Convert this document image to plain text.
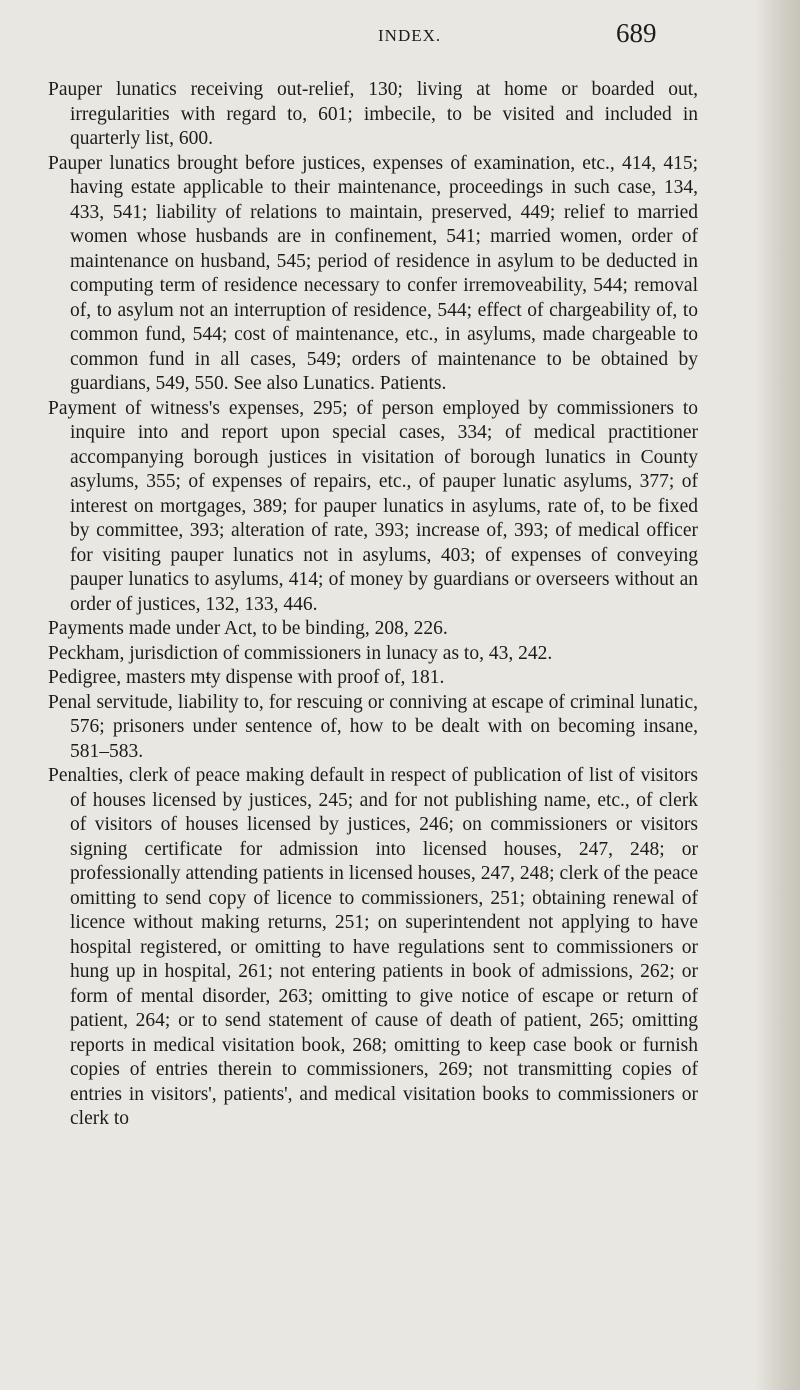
INDEX.	689

Pauper lunatics receiving out-relief, 130; living at home or boarded out, irregularities with regard to, 601; imbecile, to be visited and included in quarterly list, 600.

Pauper lunatics brought before justices, expenses of examination, etc., 414, 415; having estate applicable to their maintenance, proceedings in such case, 134, 433, 541; liability of relations to maintain, preserved, 449; relief to married women whose husbands are in confinement, 541; married women, order of maintenance on husband, 545; period of residence in asylum to be deducted in computing term of residence necessary to confer irremoveability, 544; removal of, to asylum not an interruption of residence, 544; effect of chargeability of, to common fund, 544; cost of maintenance, etc., in asylums, made chargeable to common fund in all cases, 549; orders of maintenance to be obtained by guardians, 549, 550. See also Lunatics. Patients.

Payment of witness's expenses, 295; of person employed by commissioners to inquire into and report upon special cases, 334; of medical practitioner accompanying borough justices in visitation of borough lunatics in County asylums, 355; of expenses of repairs, etc., of pauper lunatic asylums, 377; of interest on mortgages, 389; for pauper lunatics in asylums, rate of, to be fixed by committee, 393; alteration of rate, 393; increase of, 393; of medical officer for visiting pauper lunatics not in asylums, 403; of expenses of conveying pauper lunatics to asylums, 414; of money by guardians or overseers without an order of justices, 132, 133, 446.

Payments made under Act, to be binding, 208, 226.

Peckham, jurisdiction of commissioners in lunacy as to, 43, 242.

Pedigree, masters mŧy dispense with proof of, 181.

Penal servitude, liability to, for rescuing or conniving at escape of criminal lunatic, 576; prisoners under sentence of, how to be dealt with on becoming insane, 581–583.

Penalties, clerk of peace making default in respect of publication of list of visitors of houses licensed by justices, 245; and for not publishing name, etc., of clerk of visitors of houses licensed by justices, 246; on commissioners or visitors signing certificate for admission into licensed houses, 247, 248; or professionally attending patients in licensed houses, 247, 248; clerk of the peace omitting to send copy of licence to commissioners, 251; obtaining renewal of licence without making returns, 251; on superintendent not applying to have hospital registered, or omitting to have regulations sent to commissioners or hung up in hospital, 261; not entering patients in book of admissions, 262; or form of mental disorder, 263; omitting to give notice of escape or return of patient, 264; or to send statement of cause of death of patient, 265; omitting reports in medical visitation book, 268; omitting to keep case book or furnish copies of entries therein to commissioners, 269; not transmitting copies of entries in visitors', patients', and medical visitation books to commissioners or clerk to
